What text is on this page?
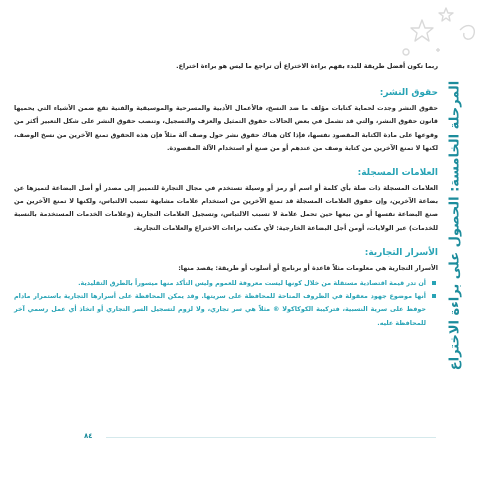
المرحلة الخامسة: الحصول على براءة الاختراع

ربما تكون أفضل طريقة للبدء بفهم براءة الاختراع أن تراجع ما ليس هو براءة اختراع.

حقوق النشر:

حقوق النشر وجدت لحماية كتابات مؤلف ما ضد النسخ، فالأعمال الأدبية والمسرحية والموسيقية والفنية تقع ضمن الأشياء التي يحميها قانون حقوق النشر، والتي قد تشمل في بعض الحالات حقوق التمثيل والعزف والتسجيل، وتنصب حقوق النشر على شكل التعبير أكثر من وقوعها على مادة الكتابة المقصود نفسها، فإذا كان هناك حقوق نشر حول وصف آلة مثلاً فإن هذه الحقوق تمنع الآخرين من نسخ الوصف، لكنها لا تمنع الآخرين من كتابة وصف من عندهم أو من صنع أو استخدام الآلة المقصودة.

العلامات المسجلة:

العلامات المسجلة ذات صلة بأي كلمة أو اسم أو رمز أو وسيلة تستخدم في مجال التجارة للتمييز إلى مصدر أو أصل البضاعة لتميزها عن بضاعة الآخرين، وإن حقوق العلامات المسجلة قد تمنع الآخرين من استخدام علامات مشابهة تسبب الالتباس، ولكنها لا تمنع الآخرين من صنع البضاعة نفسها أو من بيعها حين تحمل علامة لا تسبب الالتباس، وتسجيل العلامات التجارية (وعلامات الخدمات المستخدمة بالنسبة للخدمات) عبر الولايات، أومن أجل البضاعة الخارجية: لأي مكتب براءات الاختراع والعلامات التجارية.

الأسرار التجارية:

الأسرار التجارية هي معلومات مثلاً قاعدة أو برنامج أو أسلوب أو طريقة: يقصد منها:

أن تدر قيمة اقتصادية مستقلة من خلال كونها ليست معروفة للعموم وليس التأكد منها ميسوراً بالطرق التقليدية.
أنها موضوع جهود معقولة في الظروف المتاحة للمحافظة على سريتها. وقد يمكن المحافظة على أسرارها التجارية باستمرار مادام حوفظ على سرية النسبية، فتركيبة الكوكاكولا ® مثلاً هي سر تجاري، ولا لزوم لتسجيل السر التجاري أو اتخاذ أي عمل رسمي آخر للمحافظة عليه.
٨٤
